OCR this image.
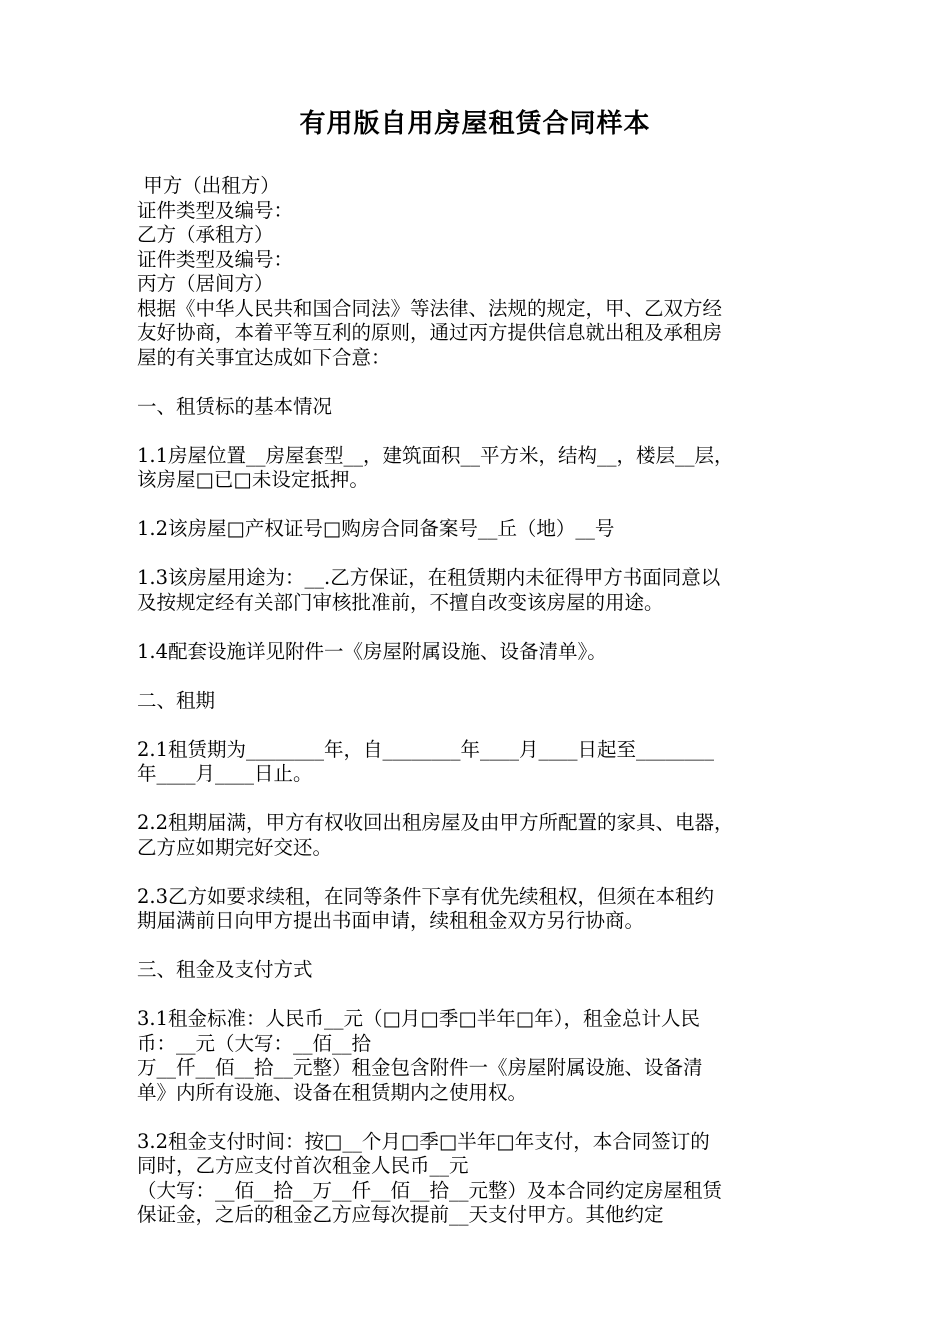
有用版自用房屋租赁合同样本
甲方（出租方）
证件类型及编号：
乙方（承租方）
证件类型及编号：
丙方（居间方）
根据《中华人民共和国合同法》等法律、法规的规定，甲、乙双方经
友好协商，本着平等互利的原则，通过丙方提供信息就出租及承租房
屋的有关事宜达成如下合意：
一、租赁标的基本情况
1.1房屋位置__房屋套型__，建筑面积__平方米，结构__，楼层__层，
该房屋□已□未设定抵押。
1.2该房屋□产权证号□购房合同备案号__丘（地）__号
1.3该房屋用途为：__.乙方保证，在租赁期内未征得甲方书面同意以
及按规定经有关部门审核批准前，不擅自改变该房屋的用途。
1.4配套设施详见附件一《房屋附属设施、设备清单》。
二、租期
2.1租赁期为________年，自________年____月____日起至________
年____月____日止。
2.2租期届满，甲方有权收回出租房屋及由甲方所配置的家具、电器，
乙方应如期完好交还。
2.3乙方如要求续租，在同等条件下享有优先续租权，但须在本租约
期届满前日向甲方提出书面申请，续租租金双方另行协商。
三、租金及支付方式
3.1租金标准：人民币__元（□月□季□半年□年），租金总计人民
币：__元（大写：__佰__拾
万__仟__佰__拾__元整）租金包含附件一《房屋附属设施、设备清
单》内所有设施、设备在租赁期内之使用权。
3.2租金支付时间：按□__个月□季□半年□年支付，本合同签订的
同时，乙方应支付首次租金人民币__元
（大写：__佰__拾__万__仟__佰__拾__元整）及本合同约定房屋租赁
保证金，之后的租金乙方应每次提前__天支付甲方。其他约定
